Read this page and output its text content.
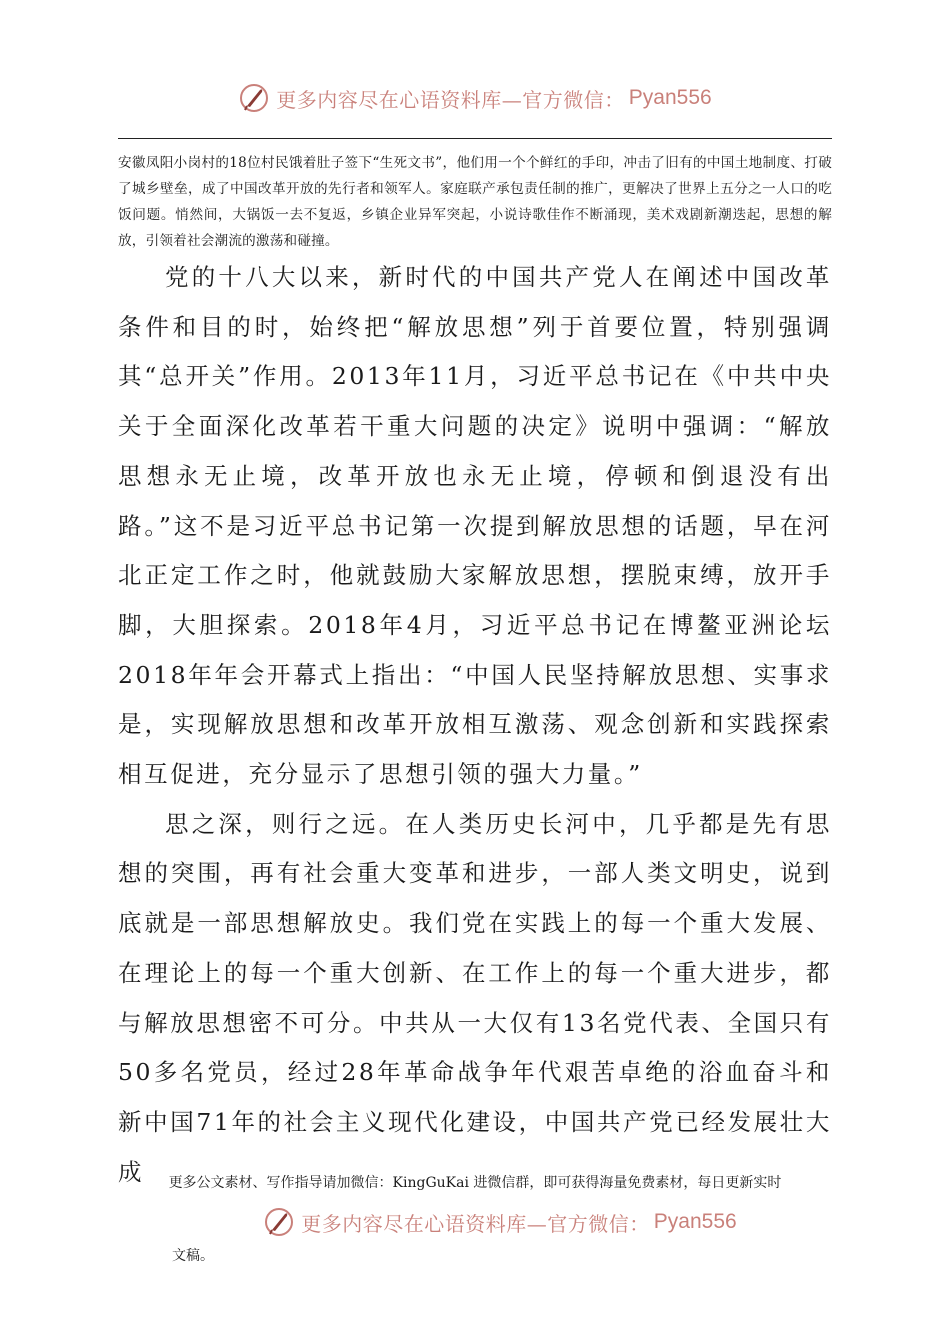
更多内容尽在心语资料库—官方微信： Pyan556
安徽凤阳小岗村的18位村民饿着肚子签下“生死文书”，他们用一个个鲜红的手印，冲击了旧有的中国土地制度、打破了城乡壁垒，成了中国改革开放的先行者和领军人。家庭联产承包责任制的推广，更解决了世界上五分之一人口的吃饭问题。悄然间，大锅饭一去不复返，乡镇企业异军突起，小说诗歌佳作不断涌现，美术戏剧新潮迭起，思想的解放，引领着社会潮流的激荡和碰撞。

党的十八大以来，新时代的中国共产党人在阐述中国改革条件和目的时，始终把“解放思想”列于首要位置，特别强调其“总开关”作用。2013年11月，习近平总书记在《中共中央关于全面深化改革若干重大问题的决定》说明中强调：“解放思想永无止境，改革开放也永无止境，停顿和倒退没有出路。”这不是习近平总书记第一次提到解放思想的话题，早在河北正定工作之时，他就鼓励大家解放思想，摆脱束缚，放开手脚，大胆探索。2018年4月，习近平总书记在博鳌亚洲论坛2018年年会开幕式上指出：“中国人民坚持解放思想、实事求是，实现解放思想和改革开放相互激荡、观念创新和实践探索相互促进，充分显示了思想引领的强大力量。”

思之深，则行之远。在人类历史长河中，几乎都是先有思想的突围，再有社会重大变革和进步，一部人类文明史，说到底就是一部思想解放史。我们党在实践上的每一个重大发展、在理论上的每一个重大创新、在工作上的每一个重大进步，都与解放思想密不可分。中共从一大仅有13名党代表、全国只有50多名党员，经过28年革命战争年代艰苦卓绝的浴血奋斗和新中国71年的社会主义现代化建设，中国共产党已经发展壮大成	更多公文素材、写作指导请加微信：KingGuKai 进微信群，即可获得海量免费素材，每日更新实时
更多内容尽在心语资料库—官方微信： Pyan556
文稿。
